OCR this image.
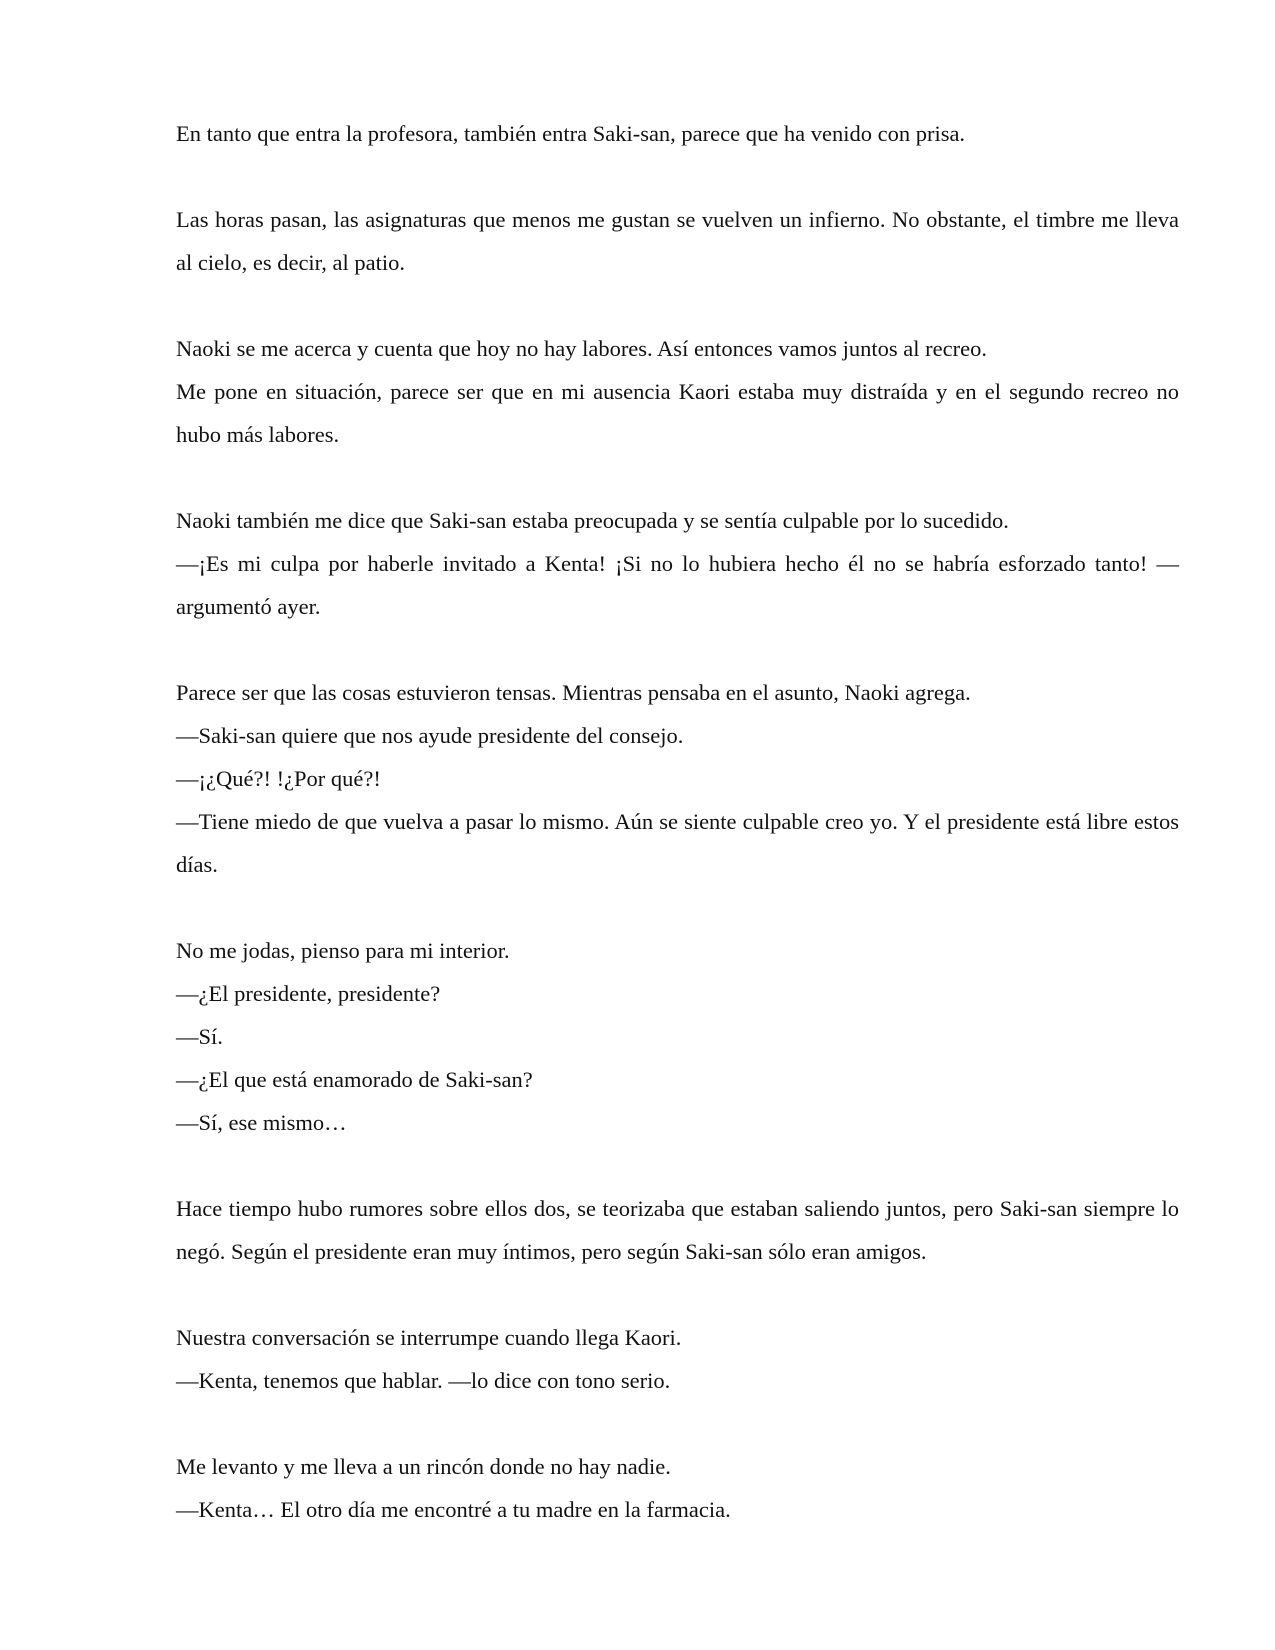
En tanto que entra la profesora, también entra Saki-san, parece que ha venido con prisa.
Las horas pasan, las asignaturas que menos me gustan se vuelven un infierno. No obstante, el timbre me lleva al cielo, es decir, al patio.
Naoki se me acerca y cuenta que hoy no hay labores. Así entonces vamos juntos al recreo.
Me pone en situación, parece ser que en mi ausencia Kaori estaba muy distraída y en el segundo recreo no hubo más labores.
Naoki también me dice que Saki-san estaba preocupada y se sentía culpable por lo sucedido.
—¡Es mi culpa por haberle invitado a Kenta! ¡Si no lo hubiera hecho él no se habría esforzado tanto! —argumentó ayer.
Parece ser que las cosas estuvieron tensas. Mientras pensaba en el asunto, Naoki agrega.
—Saki-san quiere que nos ayude presidente del consejo.
—¡¿Qué?! !¿Por qué?!
—Tiene miedo de que vuelva a pasar lo mismo. Aún se siente culpable creo yo. Y el presidente está libre estos días.
No me jodas, pienso para mi interior.
—¿El presidente, presidente?
—Sí.
—¿El que está enamorado de Saki-san?
—Sí, ese mismo…
Hace tiempo hubo rumores sobre ellos dos, se teorizaba que estaban saliendo juntos, pero Saki-san siempre lo negó. Según el presidente eran muy íntimos, pero según Saki-san sólo eran amigos.
Nuestra conversación se interrumpe cuando llega Kaori.
—Kenta, tenemos que hablar. —lo dice con tono serio.
Me levanto y me lleva a un rincón donde no hay nadie.
—Kenta… El otro día me encontré a tu madre en la farmacia.
